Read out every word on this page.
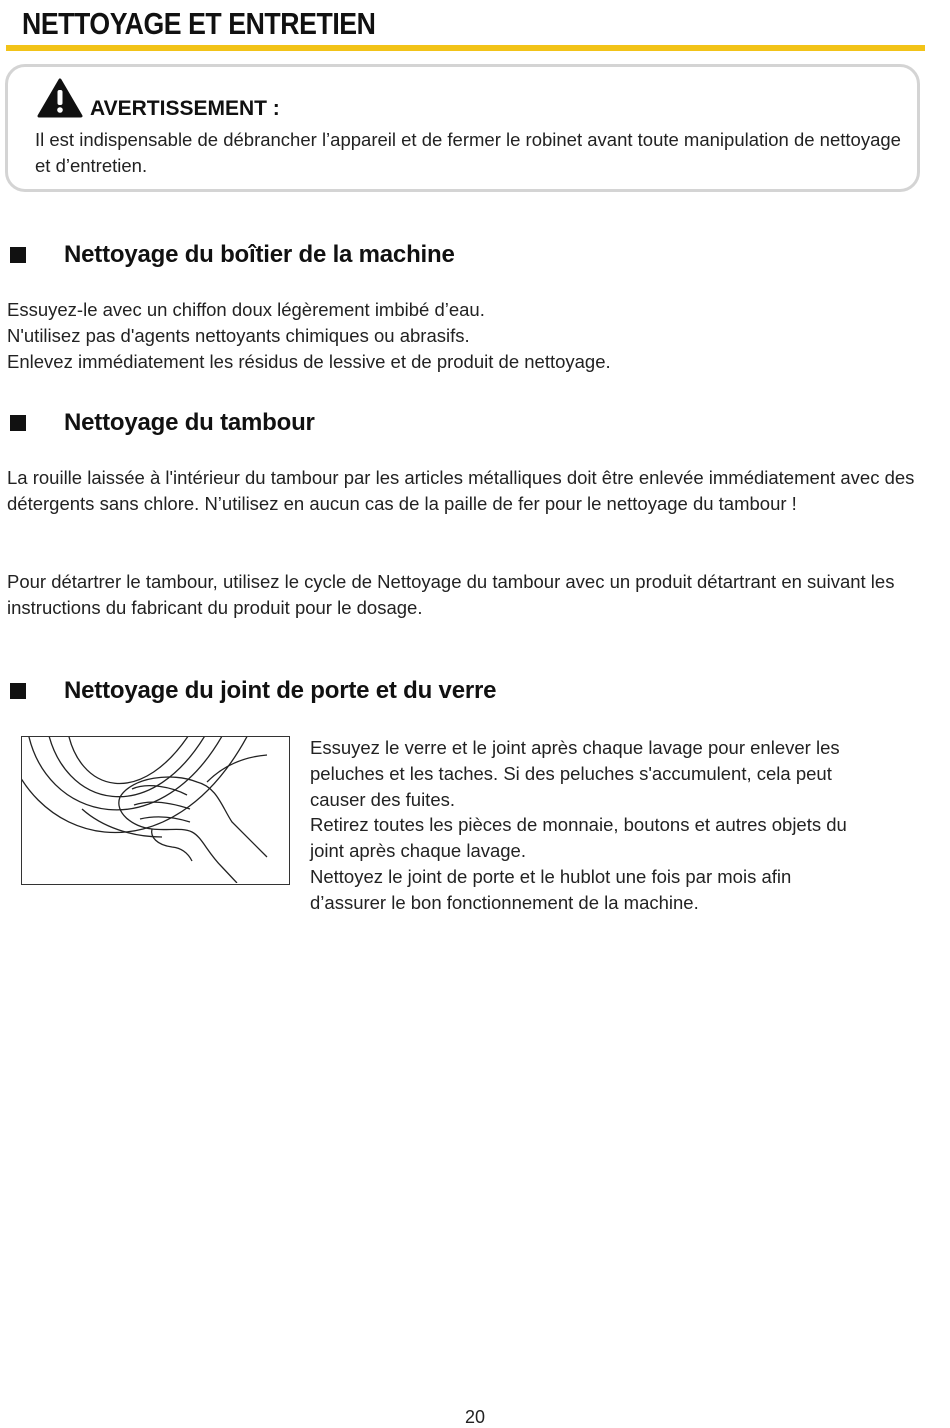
NETTOYAGE ET ENTRETIEN

AVERTISSEMENT :

Il est indispensable de débrancher l’appareil et de fermer le robinet avant toute manipulation de nettoyage et d’entretien.

Nettoyage du boîtier de la machine

Essuyez-le avec un chiffon doux légèrement imbibé d’eau.
N'utilisez pas d'agents nettoyants chimiques ou abrasifs.
Enlevez immédiatement les résidus de lessive et de produit de nettoyage.

Nettoyage du tambour

La rouille laissée à l'intérieur du tambour par les articles métalliques doit être enlevée immédiatement avec des détergents sans chlore. N’utilisez en aucun cas de la paille de fer pour le nettoyage du tambour !

Pour détartrer le tambour, utilisez le cycle de Nettoyage du tambour avec un produit détartrant en suivant les instructions du fabricant du produit pour le dosage.

Nettoyage du joint de porte et du verre

Essuyez le verre et le joint après chaque lavage pour enlever les
peluches et les taches. Si des peluches s'accumulent, cela peut
causer des fuites.
Retirez toutes les pièces de monnaie, boutons et autres objets du
joint après chaque lavage.
Nettoyez le joint de porte et le hublot une fois par mois afin
d’assurer le bon fonctionnement de la machine.

20
